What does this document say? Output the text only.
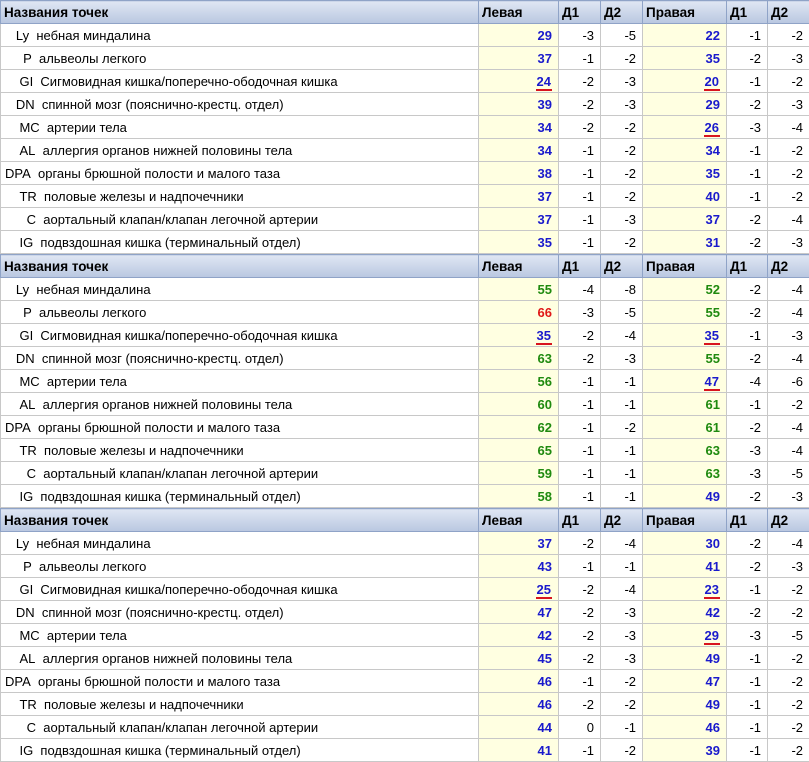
Названия точек	Левая	Д1	Д2	Правая	Д1	Д2
Ly небная миндалина	29	-3	-5	22	-1	-2
P альвеолы легкого	37	-1	-2	35	-2	-3
GI Сигмовидная кишка/поперечно-ободочная кишка	24	-2	-3	20	-1	-2
DN спинной мозг (пояснично-крестц. отдел)	39	-2	-3	29	-2	-3
MC артерии тела	34	-2	-2	26	-3	-4
AL аллергия органов нижней половины тела	34	-1	-2	34	-1	-2
DPA органы брюшной полости и малого таза	38	-1	-2	35	-1	-2
TR половые железы и надпочечники	37	-1	-2	40	-1	-2
C аортальный клапан/клапан легочной артерии	37	-1	-3	37	-2	-4
IG подвздошная кишка (терминальный отдел)	35	-1	-2	31	-2	-3
Названия точек	Левая	Д1	Д2	Правая	Д1	Д2
Ly небная миндалина	55	-4	-8	52	-2	-4
P альвеолы легкого	66	-3	-5	55	-2	-4
GI Сигмовидная кишка/поперечно-ободочная кишка	35	-2	-4	35	-1	-3
DN спинной мозг (пояснично-крестц. отдел)	63	-2	-3	55	-2	-4
MC артерии тела	56	-1	-1	47	-4	-6
AL аллергия органов нижней половины тела	60	-1	-1	61	-1	-2
DPA органы брюшной полости и малого таза	62	-1	-2	61	-2	-4
TR половые железы и надпочечники	65	-1	-1	63	-3	-4
C аортальный клапан/клапан легочной артерии	59	-1	-1	63	-3	-5
IG подвздошная кишка (терминальный отдел)	58	-1	-1	49	-2	-3
Названия точек	Левая	Д1	Д2	Правая	Д1	Д2
Ly небная миндалина	37	-2	-4	30	-2	-4
P альвеолы легкого	43	-1	-1	41	-2	-3
GI Сигмовидная кишка/поперечно-ободочная кишка	25	-2	-4	23	-1	-2
DN спинной мозг (пояснично-крестц. отдел)	47	-2	-3	42	-2	-2
MC артерии тела	42	-2	-3	29	-3	-5
AL аллергия органов нижней половины тела	45	-2	-3	49	-1	-2
DPA органы брюшной полости и малого таза	46	-1	-2	47	-1	-2
TR половые железы и надпочечники	46	-2	-2	49	-1	-2
C аортальный клапан/клапан легочной артерии	44	0	-1	46	-1	-2
IG подвздошная кишка (терминальный отдел)	41	-1	-2	39	-1	-2
